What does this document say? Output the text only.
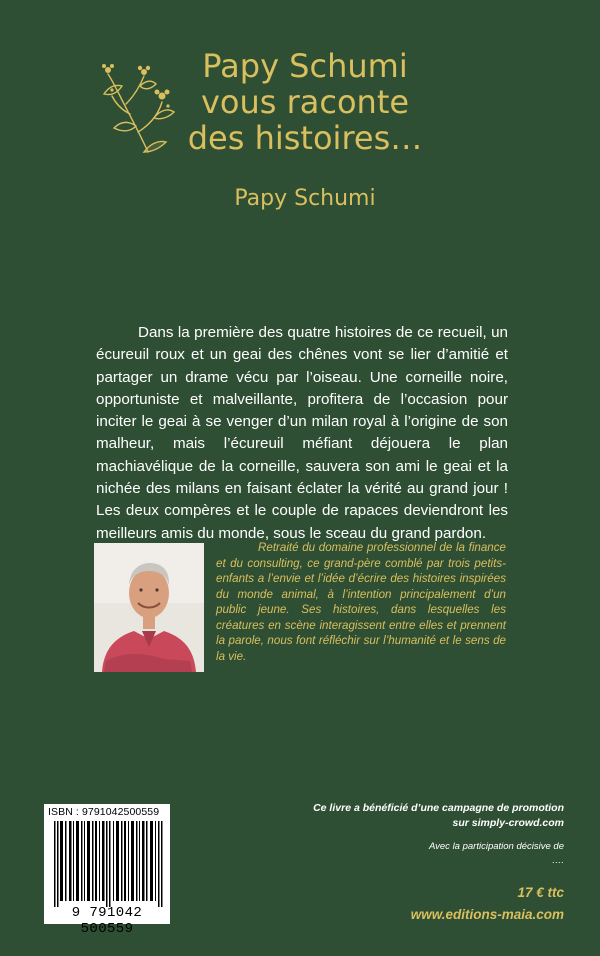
Papy Schumi
vous raconte
des histoires…
Papy Schumi

Dans la première des quatre histoires de ce recueil, un écureuil roux et un geai des chênes vont se lier d’amitié et partager un drame vécu par l’oiseau. Une corneille noire, opportuniste et malveillante, profitera de l’occasion pour inciter le geai à se venger d’un milan royal à l’origine de son malheur, mais l’écureuil méfiant déjouera le plan machiavélique de la corneille, sauvera son ami le geai et la nichée des milans en faisant éclater la vérité au grand jour ! Les deux compères et le couple de rapaces deviendront les meilleurs amis du monde, sous le sceau du grand pardon.

Retraité du domaine professionnel de la finance et du consulting, ce grand-père comblé par trois petits-enfants a l’envie et l’idée d’écrire des histoires inspirées du monde animal, à l’intention principalement d’un public jeune. Ses histoires, dans lesquelles les créatures en scène interagissent entre elles et prennent la parole, nous font réfléchir sur l’humanité et le sens de la vie.

ISBN : 9791042500559
9 791042 500559
Ce livre a bénéficié d’une campagne de promotion
sur simply-crowd.com
Avec la participation décisive de
….
17 € ttc
www.editions-maia.com
